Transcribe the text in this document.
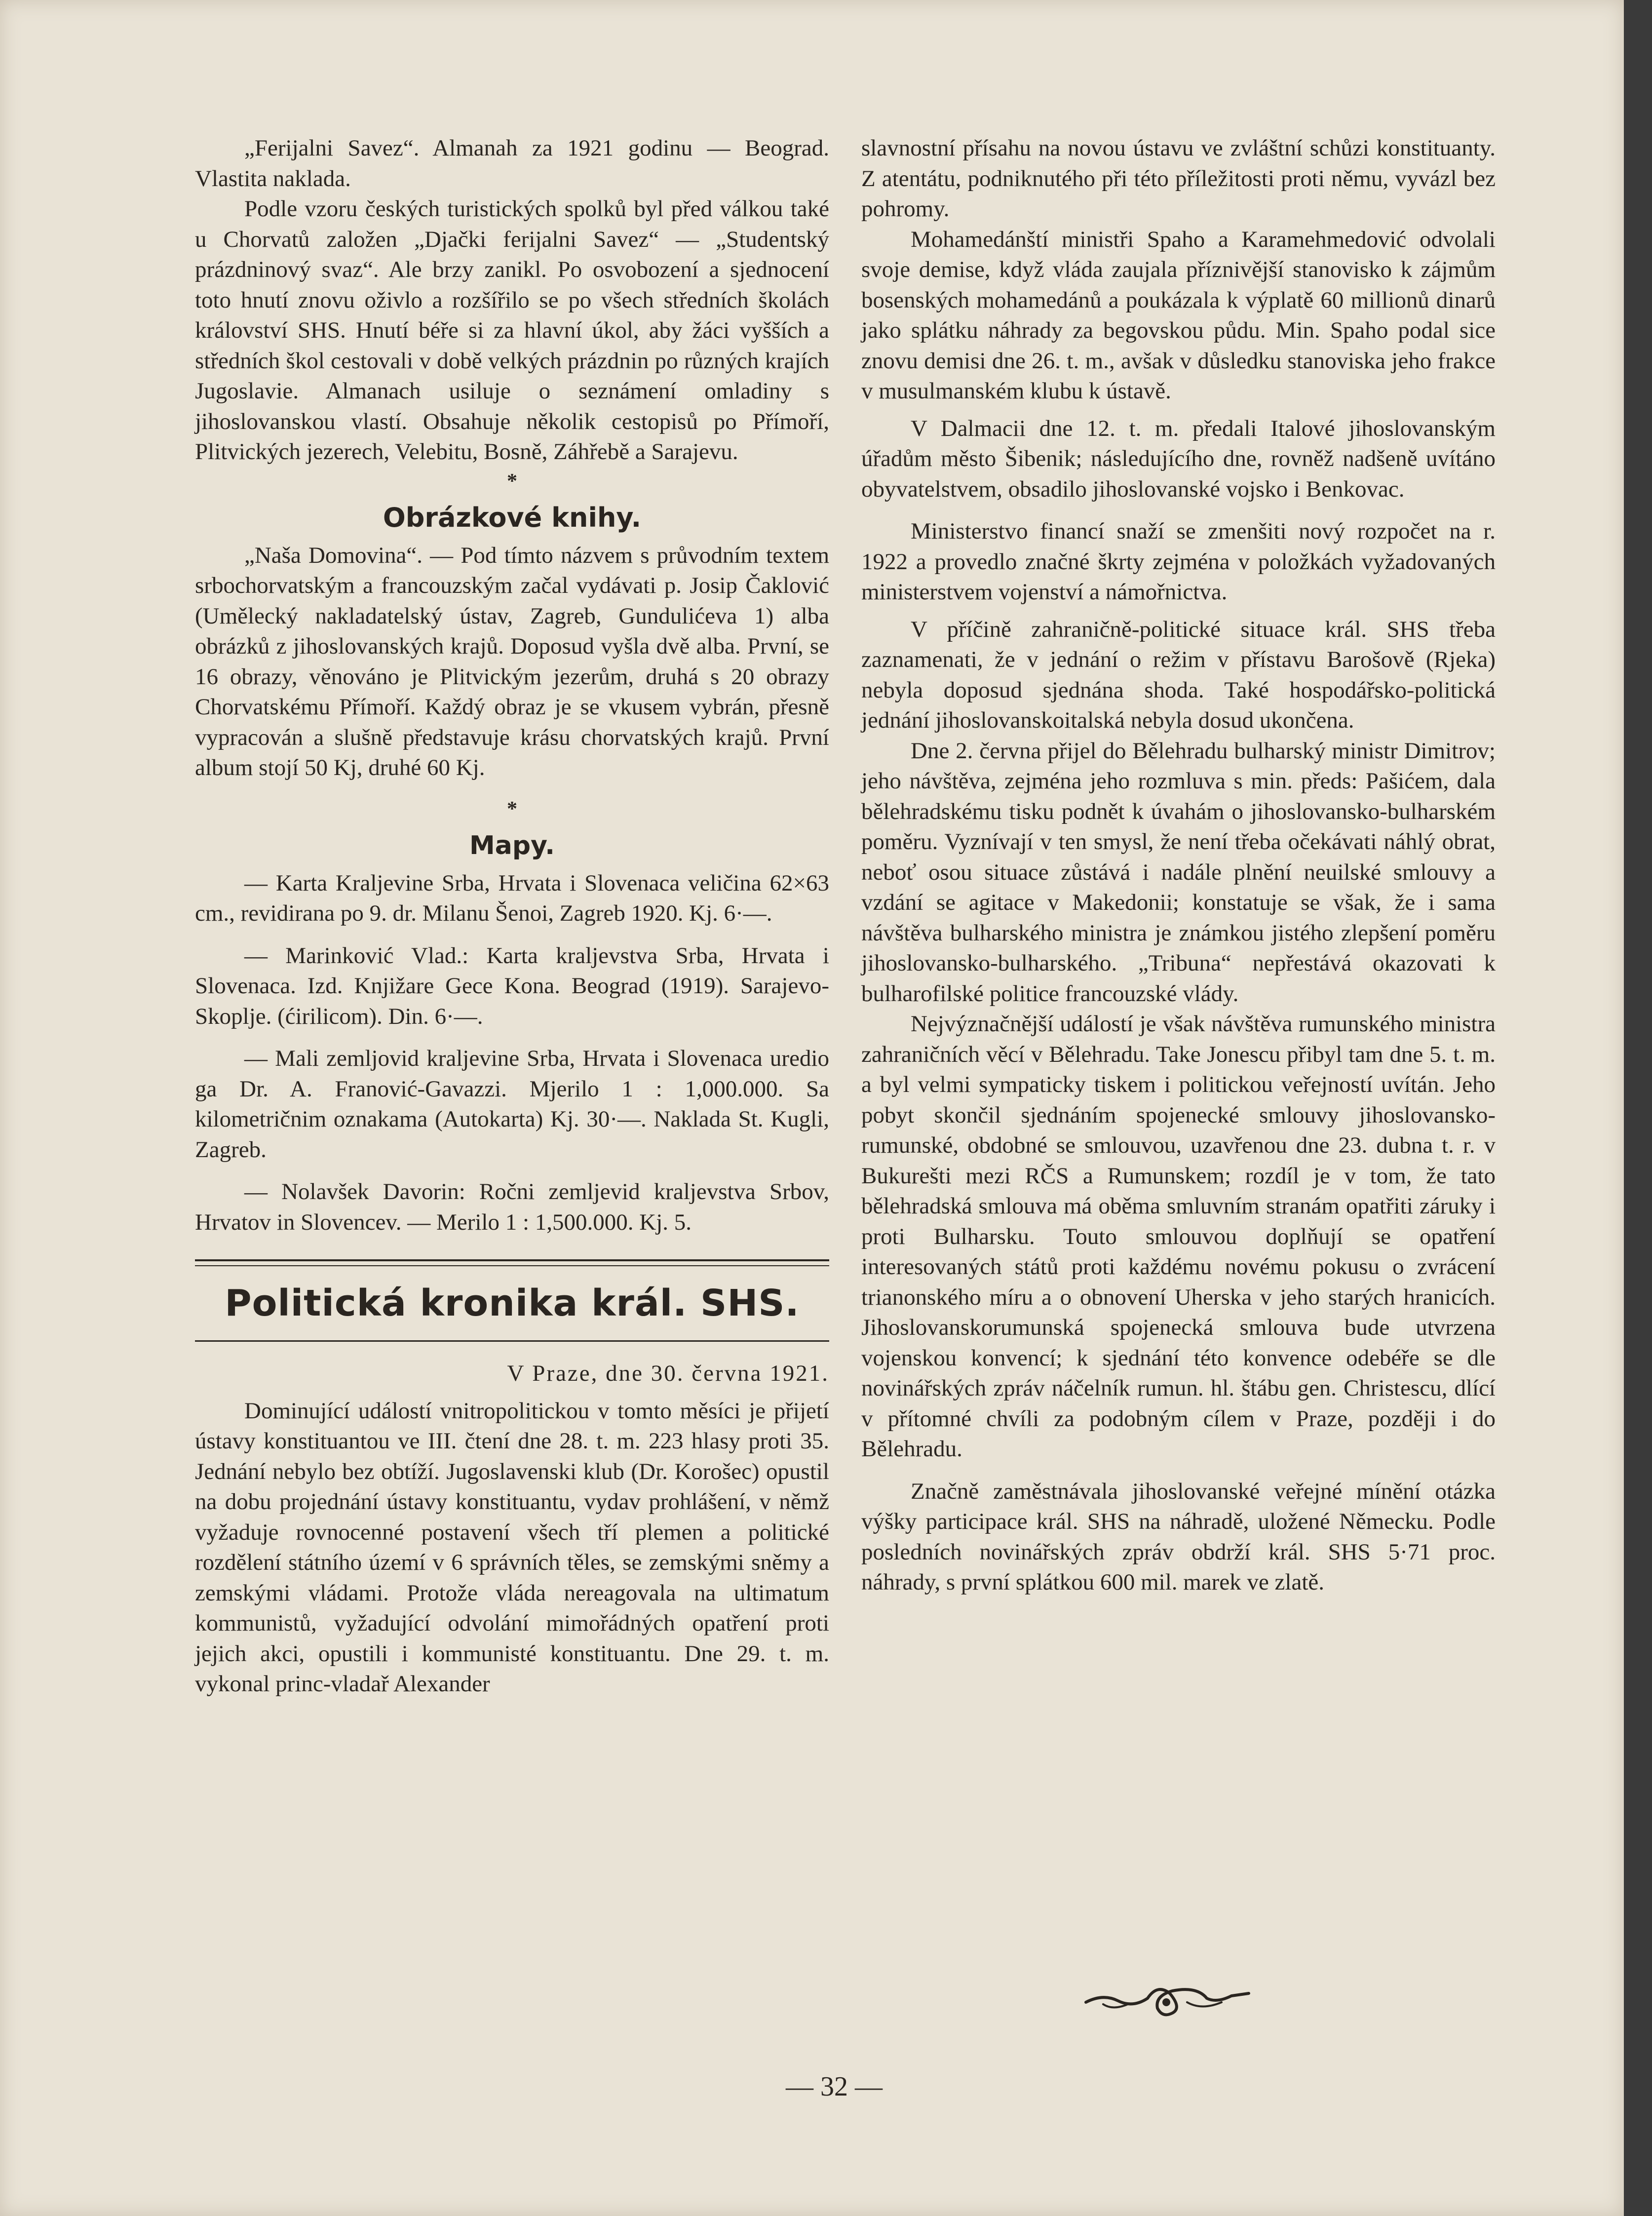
„Ferijalni Savez“. Almanah za 1921 godinu — Beograd. Vlastita naklada.

Podle vzoru českých turistických spolků byl před válkou také u Chorvatů založen „Djački ferijalni Savez“ — „Studentský prázdninový svaz“. Ale brzy zanikl. Po osvobození a sjednocení toto hnutí znovu oživlo a rozšířilo se po všech středních školách království SHS. Hnutí béře si za hlavní úkol, aby žáci vyšších a středních škol cestovali v době velkých prázdnin po různých krajích Jugoslavie. Almanach usiluje o seznámení omladiny s jihoslovanskou vlastí. Obsahuje několik cestopisů po Přímoří, Plitvických jezerech, Velebitu, Bosně, Záhřebě a Sarajevu.

*
Obrázkové knihy.

„Naša Domovina“. — Pod tímto názvem s průvodním textem srbochorvatským a francouzským začal vydávati p. Josip Čaklović (Umělecký nakladatelský ústav, Zagreb, Gundulićeva 1) alba obrázků z jihoslovanských krajů. Doposud vyšla dvě alba. První, se 16 obrazy, věnováno je Plitvickým jezerům, druhá s 20 obrazy Chorvatskému Přímoří. Každý obraz je se vkusem vybrán, přesně vypracován a slušně představuje krásu chorvatských krajů. První album stojí 50 Kj, druhé 60 Kj.

*
Mapy.

— Karta Kraljevine Srba, Hrvata i Slovenaca veličina 62×63 cm., revidirana po 9. dr. Milanu Šenoi, Zagreb 1920. Kj. 6·—.

— Marinković Vlad.: Karta kraljevstva Srba, Hrvata i Slovenaca. Izd. Knjižare Gece Kona. Beograd (1919). Sarajevo-Skoplje. (ćirilicom). Din. 6·—.

— Mali zemljovid kraljevine Srba, Hrvata i Slovenaca uredio ga Dr. A. Franović-Gavazzi. Mjerilo 1 : 1,000.000. Sa kilometričnim oznakama (Autokarta) Kj. 30·—. Naklada St. Kugli, Zagreb.

— Nolavšek Davorin: Ročni zemljevid kraljevstva Srbov, Hrvatov in Slovencev. — Merilo 1 : 1,500.000. Kj. 5.

Politická kronika král. SHS.
V Praze, dne 30. června 1921.

Dominující událostí vnitropolitickou v tomto měsíci je přijetí ústavy konstituantou ve III. čtení dne 28. t. m. 223 hlasy proti 35. Jednání nebylo bez obtíží. Jugoslavenski klub (Dr. Korošec) opustil na dobu projednání ústavy konstituantu, vydav prohlášení, v němž vyžaduje rovnocenné postavení všech tří plemen a politické rozdělení státního území v 6 správních těles, se zemskými sněmy a zemskými vládami. Protože vláda nereagovala na ultimatum kommunistů, vyžadující odvolání mimořádných opatření proti jejich akci, opustili i kommunisté konstituantu. Dne 29. t. m. vykonal princ-vladař Alexander

slavnostní přísahu na novou ústavu ve zvláštní schůzi konstituanty. Z atentátu, podniknutého při této příležitosti proti němu, vyvázl bez pohromy.

Mohamedánští ministři Spaho a Karamehmedović odvolali svoje demise, když vláda zaujala příznivější stanovisko k zájmům bosenských mohamedánů a poukázala k výplatě 60 millionů dinarů jako splátku náhrady za begovskou půdu. Min. Spaho podal sice znovu demisi dne 26. t. m., avšak v důsledku stanoviska jeho frakce v musulmanském klubu k ústavě.

V Dalmacii dne 12. t. m. předali Italové jihoslovanským úřadům město Šibenik; následujícího dne, rovněž nadšeně uvítáno obyvatelstvem, obsadilo jihoslovanské vojsko i Benkovac.

Ministerstvo financí snaží se zmenšiti nový rozpočet na r. 1922 a provedlo značné škrty zejména v položkách vyžadovaných ministerstvem vojenství a námořnictva.

V příčině zahraničně-politické situace král. SHS třeba zaznamenati, že v jednání o režim v přístavu Barošově (Rjeka) nebyla doposud sjednána shoda. Také hospodářsko-politická jednání jihoslovanskoitalská nebyla dosud ukončena.

Dne 2. června přijel do Bělehradu bulharský ministr Dimitrov; jeho návštěva, zejména jeho rozmluva s min. předs: Pašićem, dala bělehradskému tisku podnět k úvahám o jihoslovansko-bulharském poměru. Vyznívají v ten smysl, že není třeba očekávati náhlý obrat, neboť osou situace zůstává i nadále plnění neuilské smlouvy a vzdání se agitace v Makedonii; konstatuje se však, že i sama návštěva bulharského ministra je známkou jistého zlepšení poměru jihoslovansko-bulharského. „Tribuna“ nepřestává okazovati k bulharofilské politice francouzské vlády.

Nejvýznačnější událostí je však návštěva rumunského ministra zahraničních věcí v Bělehradu. Take Jonescu přibyl tam dne 5. t. m. a byl velmi sympaticky tiskem i politickou veřejností uvítán. Jeho pobyt skončil sjednáním spojenecké smlouvy jihoslovansko-rumunské, obdobné se smlouvou, uzavřenou dne 23. dubna t. r. v Bukurešti mezi RČS a Rumunskem; rozdíl je v tom, že tato bělehradská smlouva má oběma smluvním stranám opatřiti záruky i proti Bulharsku. Touto smlouvou doplňují se opatření interesovaných států proti každému novému pokusu o zvrácení trianonského míru a o obnovení Uherska v jeho starých hranicích. Jihoslovanskorumunská spojenecká smlouva bude utvrzena vojenskou konvencí; k sjednání této konvence odebéře se dle novinářských zpráv náčelník rumun. hl. štábu gen. Christescu, dlící v přítomné chvíli za podobným cílem v Praze, později i do Bělehradu.

Značně zaměstnávala jihoslovanské veřejné mínění otázka výšky participace král. SHS na náhradě, uložené Německu. Podle posledních novinářských zpráv obdrží král. SHS 5·71 proc. náhrady, s první splátkou 600 mil. marek ve zlatě.

— 32 —
